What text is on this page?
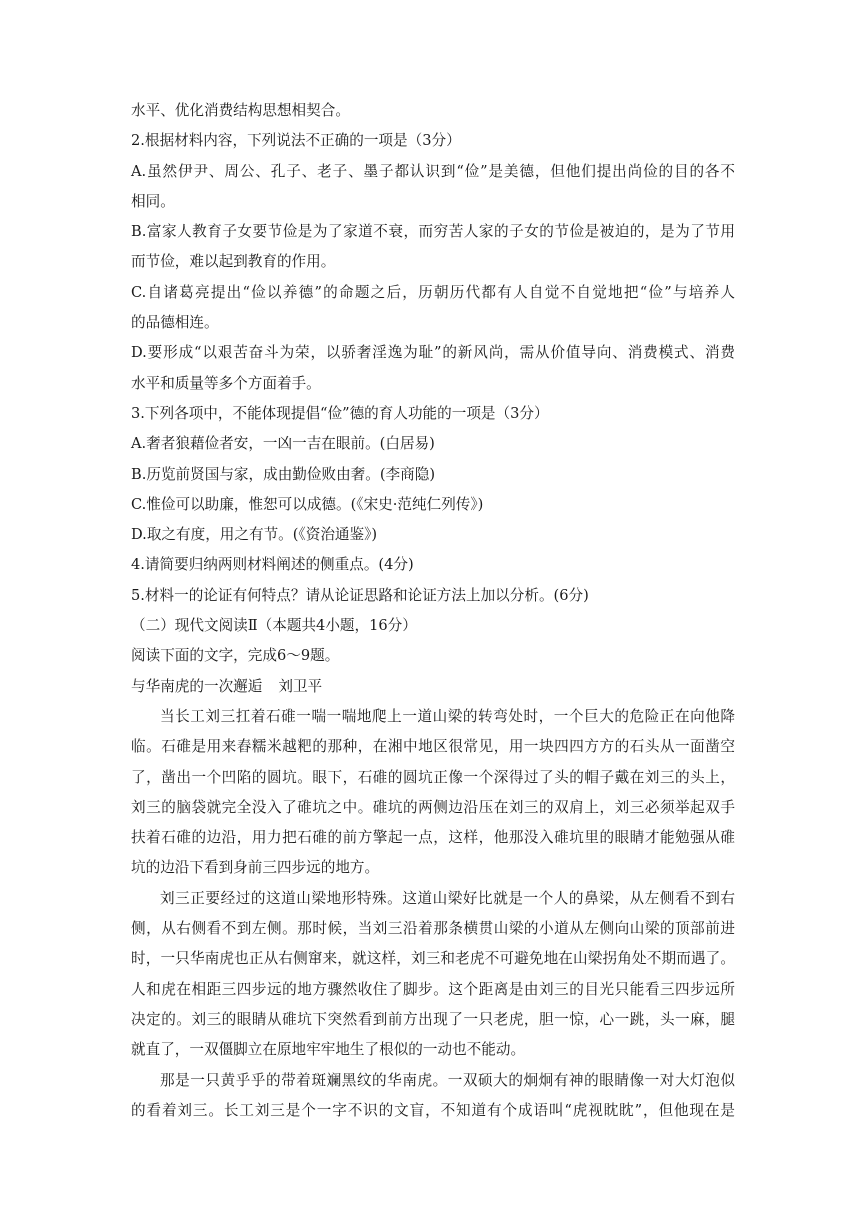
水平、优化消费结构思想相契合。
2.根据材料内容，下列说法不正确的一项是（3分）
A.虽然伊尹、周公、孔子、老子、墨子都认识到“俭”是美德，但他们提出尚俭的目的各不
相同。
B.富家人教育子女要节俭是为了家道不衰，而穷苦人家的子女的节俭是被迫的，是为了节用
而节俭，难以起到教育的作用。
C.自诸葛亮提出“俭以养德”的命题之后，历朝历代都有人自觉不自觉地把“俭”与培养人
的品德相连。
D.要形成“以艰苦奋斗为荣，以骄奢淫逸为耻”的新风尚，需从价值导向、消费模式、消费
水平和质量等多个方面着手。
3.下列各项中，不能体现提倡“俭”德的育人功能的一项是（3分）
A.奢者狼藉俭者安，一凶一吉在眼前。(白居易)
B.历览前贤国与家，成由勤俭败由奢。(李商隐)
C.惟俭可以助廉，惟恕可以成德。(《宋史·范纯仁列传》)
D.取之有度，用之有节。(《资治通鉴》)
4.请简要归纳两则材料阐述的侧重点。(4分)
5.材料一的论证有何特点？请从论证思路和论证方法上加以分析。(6分)
（二）现代文阅读Ⅱ（本题共4小题，16分）
阅读下面的文字，完成6～9题。
与华南虎的一次邂逅 刘卫平
当长工刘三扛着石碓一喘一喘地爬上一道山梁的转弯处时，一个巨大的危险正在向他降
临。石碓是用来舂糯米越粑的那种，在湘中地区很常见，用一块四四方方的石头从一面凿空
了，凿出一个凹陷的圆坑。眼下，石碓的圆坑正像一个深得过了头的帽子戴在刘三的头上，
刘三的脑袋就完全没入了碓坑之中。碓坑的两侧边沿压在刘三的双肩上，刘三必须举起双手
扶着石碓的边沿，用力把石碓的前方擎起一点，这样，他那没入碓坑里的眼睛才能勉强从碓
坑的边沿下看到身前三四步远的地方。
刘三正要经过的这道山梁地形特殊。这道山梁好比就是一个人的鼻梁，从左侧看不到右
侧，从右侧看不到左侧。那时候，当刘三沿着那条横贯山梁的小道从左侧向山梁的顶部前进
时，一只华南虎也正从右侧窜来，就这样，刘三和老虎不可避免地在山梁拐角处不期而遇了。
人和虎在相距三四步远的地方骤然收住了脚步。这个距离是由刘三的目光只能看三四步远所
决定的。刘三的眼睛从碓坑下突然看到前方出现了一只老虎，胆一惊，心一跳，头一麻，腿
就直了，一双僵脚立在原地牢牢地生了根似的一动也不能动。
那是一只黄乎乎的带着斑斓黑纹的华南虎。一双硕大的炯炯有神的眼睛像一对大灯泡似
的看着刘三。长工刘三是个一字不识的文盲，不知道有个成语叫“虎视眈眈”，但他现在是
